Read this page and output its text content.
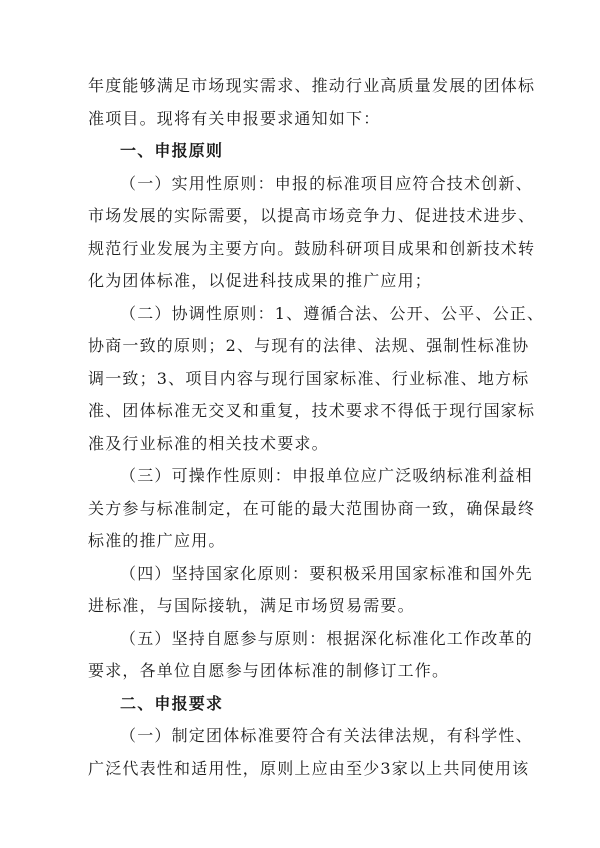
年度能够满足市场现实需求、推动行业高质量发展的团体标
准项目。现将有关申报要求通知如下：

一、申报原则

（一）实用性原则：申报的标准项目应符合技术创新、
市场发展的实际需要，以提高市场竞争力、促进技术进步、
规范行业发展为主要方向。鼓励科研项目成果和创新技术转
化为团体标准，以促进科技成果的推广应用；

（二）协调性原则：1、遵循合法、公开、公平、公正、
协商一致的原则；2、与现有的法律、法规、强制性标准协
调一致；3、项目内容与现行国家标准、行业标准、地方标
准、团体标准无交叉和重复，技术要求不得低于现行国家标
准及行业标准的相关技术要求。

（三）可操作性原则：申报单位应广泛吸纳标准利益相
关方参与标准制定，在可能的最大范围协商一致，确保最终
标准的推广应用。

（四）坚持国家化原则：要积极采用国家标准和国外先
进标准，与国际接轨，满足市场贸易需要。

（五）坚持自愿参与原则：根据深化标准化工作改革的
要求，各单位自愿参与团体标准的制修订工作。

二、申报要求

（一）制定团体标准要符合有关法律法规，有科学性、
广泛代表性和适用性，原则上应由至少3家以上共同使用该
